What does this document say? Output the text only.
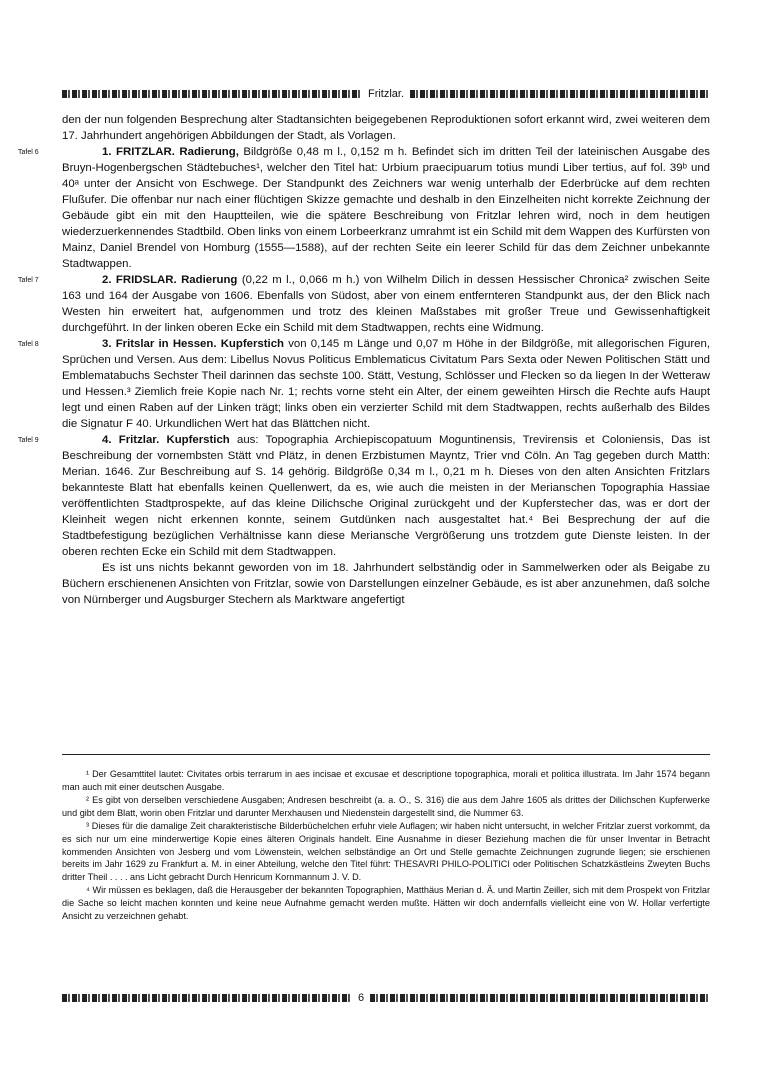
Fritzlar.

den der nun folgenden Besprechung alter Stadtansichten beigegebenen Reproduktionen sofort erkannt wird, zwei weiteren dem 17. Jahrhundert angehörigen Abbildungen der Stadt, als Vorlagen.

Tafel 6	1. FRITZLAR. Radierung, Bildgröße 0,48 m l., 0,152 m h. Befindet sich im dritten Teil der lateinischen Ausgabe des Bruyn-Hogenbergschen Städtebuches¹, welcher den Titel hat: Urbium praecipuarum totius mundi Liber tertius, auf fol. 39ᵇ und 40ᵃ unter der Ansicht von Eschwege. Der Standpunkt des Zeichners war wenig unterhalb der Ederbrücke auf dem rechten Flußufer. Die offenbar nur nach einer flüchtigen Skizze gemachte und deshalb in den Einzelheiten nicht korrekte Zeichnung der Gebäude gibt ein mit den Hauptteilen, wie die spätere Beschreibung von Fritzlar lehren wird, noch in dem heutigen wiederzuerkennendes Stadtbild. Oben links von einem Lorbeerkranz umrahmt ist ein Schild mit dem Wappen des Kurfürsten von Mainz, Daniel Brendel von Homburg (1555—1588), auf der rechten Seite ein leerer Schild für das dem Zeichner unbekannte Stadtwappen.

Tafel 7	2. FRIDSLAR. Radierung (0,22 m l., 0,066 m h.) von Wilhelm Dilich in dessen Hessischer Chronica² zwischen Seite 163 und 164 der Ausgabe von 1606. Ebenfalls von Südost, aber von einem entfernteren Standpunkt aus, der den Blick nach Westen hin erweitert hat, aufgenommen und trotz des kleinen Maßstabes mit großer Treue und Gewissenhaftigkeit durchgeführt. In der linken oberen Ecke ein Schild mit dem Stadtwappen, rechts eine Widmung.

Tafel 8	3. Fritslar in Hessen. Kupferstich von 0,145 m Länge und 0,07 m Höhe in der Bildgröße, mit allegorischen Figuren, Sprüchen und Versen. Aus dem: Libellus Novus Politicus Emblematicus Civitatum Pars Sexta oder Newen Politischen Stätt und Emblematabuchs Sechster Theil darinnen das sechste 100. Stätt, Vestung, Schlösser und Flecken so da liegen In der Wetteraw und Hessen.³ Ziemlich freie Kopie nach Nr. 1; rechts vorne steht ein Alter, der einem geweihten Hirsch die Rechte aufs Haupt legt und einen Raben auf der Linken trägt; links oben ein verzierter Schild mit dem Stadtwappen, rechts außerhalb des Bildes die Signatur F 40. Urkundlichen Wert hat das Blättchen nicht.

Tafel 9	4. Fritzlar. Kupferstich aus: Topographia Archiepiscopatuum Moguntinensis, Trevirensis et Coloniensis, Das ist Beschreibung der vornembsten Stätt vnd Plätz, in denen Erzbistumen Mayntz, Trier vnd Cöln. An Tag gegeben durch Matth: Merian. 1646. Zur Beschreibung auf S. 14 gehörig. Bildgröße 0,34 m l., 0,21 m h. Dieses von den alten Ansichten Fritzlars bekannteste Blatt hat ebenfalls keinen Quellenwert, da es, wie auch die meisten in der Merianschen Topographia Hassiae veröffentlichten Stadtprospekte, auf das kleine Dilichsche Original zurückgeht und der Kupferstecher das, was er dort der Kleinheit wegen nicht erkennen konnte, seinem Gutdünken nach ausgestaltet hat.⁴ Bei Besprechung der auf die Stadtbefestigung bezüglichen Verhältnisse kann diese Meriansche Vergrößerung uns trotzdem gute Dienste leisten. In der oberen rechten Ecke ein Schild mit dem Stadtwappen.

Es ist uns nichts bekannt geworden von im 18. Jahrhundert selbständig oder in Sammelwerken oder als Beigabe zu Büchern erschienenen Ansichten von Fritzlar, sowie von Darstellungen einzelner Gebäude, es ist aber anzunehmen, daß solche von Nürnberger und Augsburger Stechern als Marktware angefertigt

¹ Der Gesamttitel lautet: Civitates orbis terrarum in aes incisae et excusae et descriptione topographica, morali et politica illustrata. Im Jahr 1574 begann man auch mit einer deutschen Ausgabe.

² Es gibt von derselben verschiedene Ausgaben; Andresen beschreibt (a. a. O., S. 316) die aus dem Jahre 1605 als drittes der Dilichschen Kupferwerke und gibt dem Blatt, worin oben Fritzlar und darunter Merxhausen und Niedenstein dargestellt sind, die Nummer 63.

³ Dieses für die damalige Zeit charakteristische Bilderbüchelchen erfuhr viele Auflagen; wir haben nicht untersucht, in welcher Fritzlar zuerst vorkommt, da es sich nur um eine minderwertige Kopie eines älteren Originals handelt. Eine Ausnahme in dieser Beziehung machen die für unser Inventar in Betracht kommenden Ansichten von Jesberg und vom Löwenstein, welchen selbständige an Ort und Stelle gemachte Zeichnungen zugrunde liegen; sie erschienen bereits im Jahr 1629 zu Frankfurt a. M. in einer Abteilung, welche den Titel führt: THESAVRI PHILO-POLITICI oder Politischen Schatzkästleins Zweyten Buchs dritter Theil . . . . ans Licht gebracht Durch Henricum Kornmannum J. V. D.

⁴ Wir müssen es beklagen, daß die Herausgeber der bekannten Topographien, Matthäus Merian d. Ä. und Martin Zeiller, sich mit dem Prospekt von Fritzlar die Sache so leicht machen konnten und keine neue Aufnahme gemacht werden mußte. Hätten wir doch andernfalls vielleicht eine von W. Hollar verfertigte Ansicht zu verzeichnen gehabt.

6
